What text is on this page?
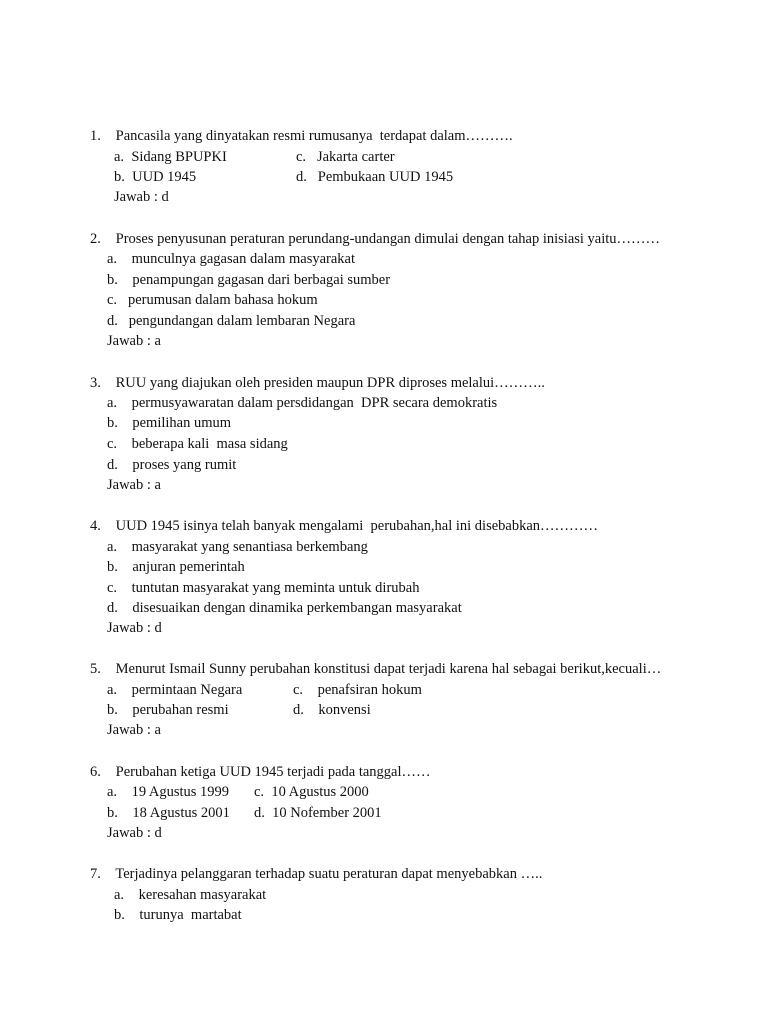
1. Pancasila yang dinyatakan resmi rumusanya  terdapat dalam……….
a. Sidang BPUPKI	c. Jakarta carter
b. UUD 1945	d. Pembukaan UUD 1945
Jawab : d
2. Proses penyusunan peraturan perundang-undangan dimulai dengan tahap inisiasi yaitu………
a. munculnya gagasan dalam masyarakat
b. penampungan gagasan dari berbagai sumber
c. perumusan dalam bahasa hokum
d. pengundangan dalam lembaran Negara
Jawab : a
3. RUU yang diajukan oleh presiden maupun DPR diproses melalui………..
a. permusyawaratan dalam persdidangan  DPR secara demokratis
b. pemilihan umum
c. beberapa kali  masa sidang
d. proses yang rumit
Jawab : a
4. UUD 1945 isinya telah banyak mengalami  perubahan,hal ini disebabkan…………
a. masyarakat yang senantiasa berkembang
b. anjuran pemerintah
c. tuntutan masyarakat yang meminta untuk dirubah
d. disesuaikan dengan dinamika perkembangan masyarakat
Jawab : d
5. Menurut Ismail Sunny perubahan konstitusi dapat terjadi karena hal sebagai berikut,kecuali…
a. permintaan Negara	c. penafsiran hokum
b. perubahan resmi	d. konvensi
Jawab : a
6. Perubahan ketiga UUD 1945 terjadi pada tanggal……
a. 19 Agustus 1999 c. 10 Agustus 2000
b. 18 Agustus 2001 d. 10 Nofember 2001
Jawab : d
7. Terjadinya pelanggaran terhadap suatu peraturan dapat menyebabkan …..
a. keresahan masyarakat
b. turunya  martabat
